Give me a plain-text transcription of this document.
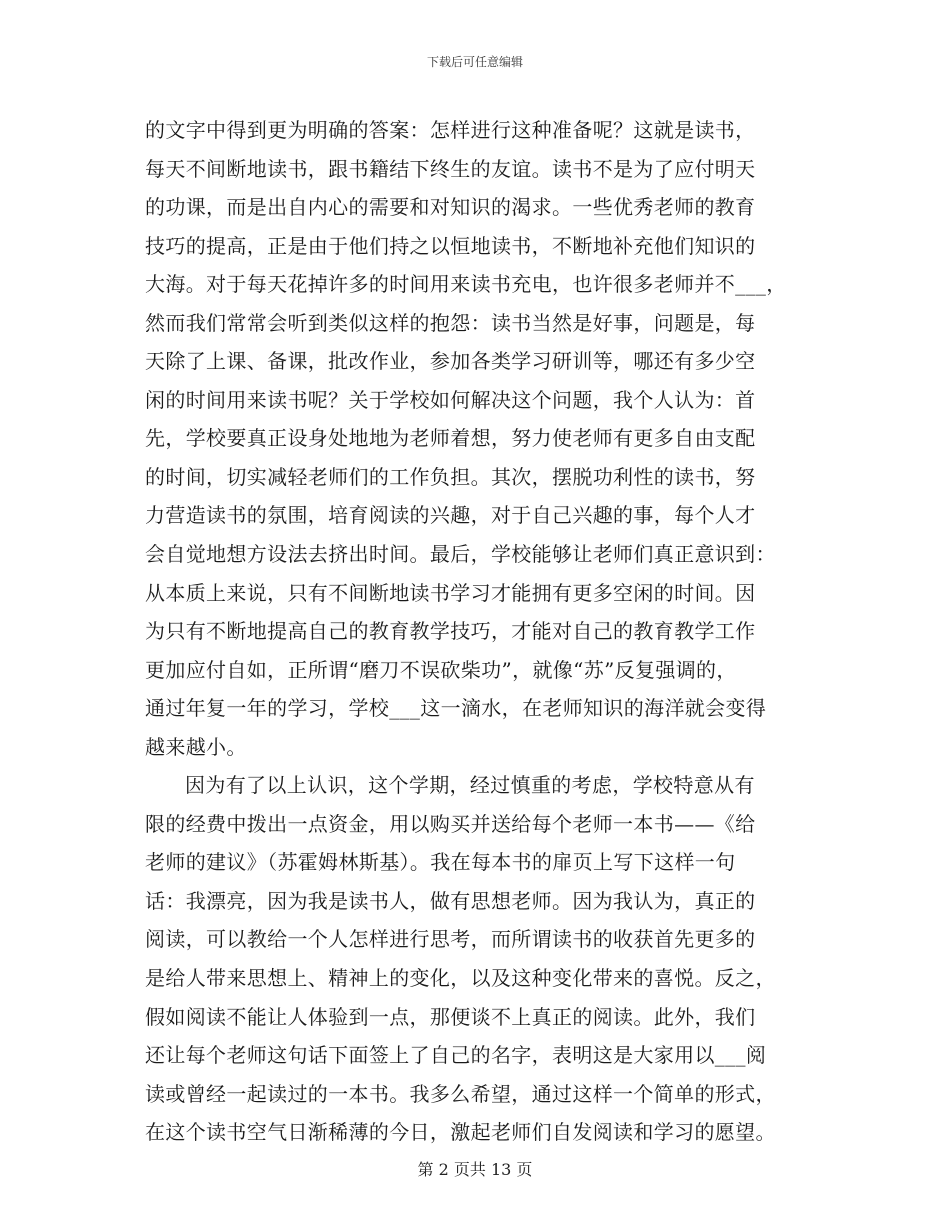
下载后可任意编辑
的文字中得到更为明确的答案：怎样进行这种准备呢？这就是读书，
每天不间断地读书，跟书籍结下终生的友谊。读书不是为了应付明天
的功课，而是出自内心的需要和对知识的渴求。一些优秀老师的教育
技巧的提高，正是由于他们持之以恒地读书，不断地补充他们知识的
大海。对于每天花掉许多的时间用来读书充电，也许很多老师并不___，
然而我们常常会听到类似这样的抱怨：读书当然是好事，问题是，每
天除了上课、备课，批改作业，参加各类学习研训等，哪还有多少空
闲的时间用来读书呢？关于学校如何解决这个问题，我个人认为：首
先，学校要真正设身处地地为老师着想，努力使老师有更多自由支配
的时间，切实减轻老师们的工作负担。其次，摆脱功利性的读书，努
力营造读书的氛围，培育阅读的兴趣，对于自己兴趣的事，每个人才
会自觉地想方设法去挤出时间。最后，学校能够让老师们真正意识到：
从本质上来说，只有不间断地读书学习才能拥有更多空闲的时间。因
为只有不断地提高自己的教育教学技巧，才能对自己的教育教学工作
更加应付自如，正所谓“磨刀不误砍柴功”，就像“苏”反复强调的，
通过年复一年的学习，学校___这一滴水，在老师知识的海洋就会变得
越来越小。
因为有了以上认识，这个学期，经过慎重的考虑，学校特意从有
限的经费中拨出一点资金，用以购买并送给每个老师一本书——《给
老师的建议》（苏霍姆林斯基）。我在每本书的扉页上写下这样一句
话：我漂亮，因为我是读书人，做有思想老师。因为我认为，真正的
阅读，可以教给一个人怎样进行思考，而所谓读书的收获首先更多的
是给人带来思想上、精神上的变化，以及这种变化带来的喜悦。反之，
假如阅读不能让人体验到一点，那便谈不上真正的阅读。此外，我们
还让每个老师这句话下面签上了自己的名字，表明这是大家用以___阅
读或曾经一起读过的一本书。我多么希望，通过这样一个简单的形式，
在这个读书空气日渐稀薄的今日，激起老师们自发阅读和学习的愿望。
第 2 页共 13 页
